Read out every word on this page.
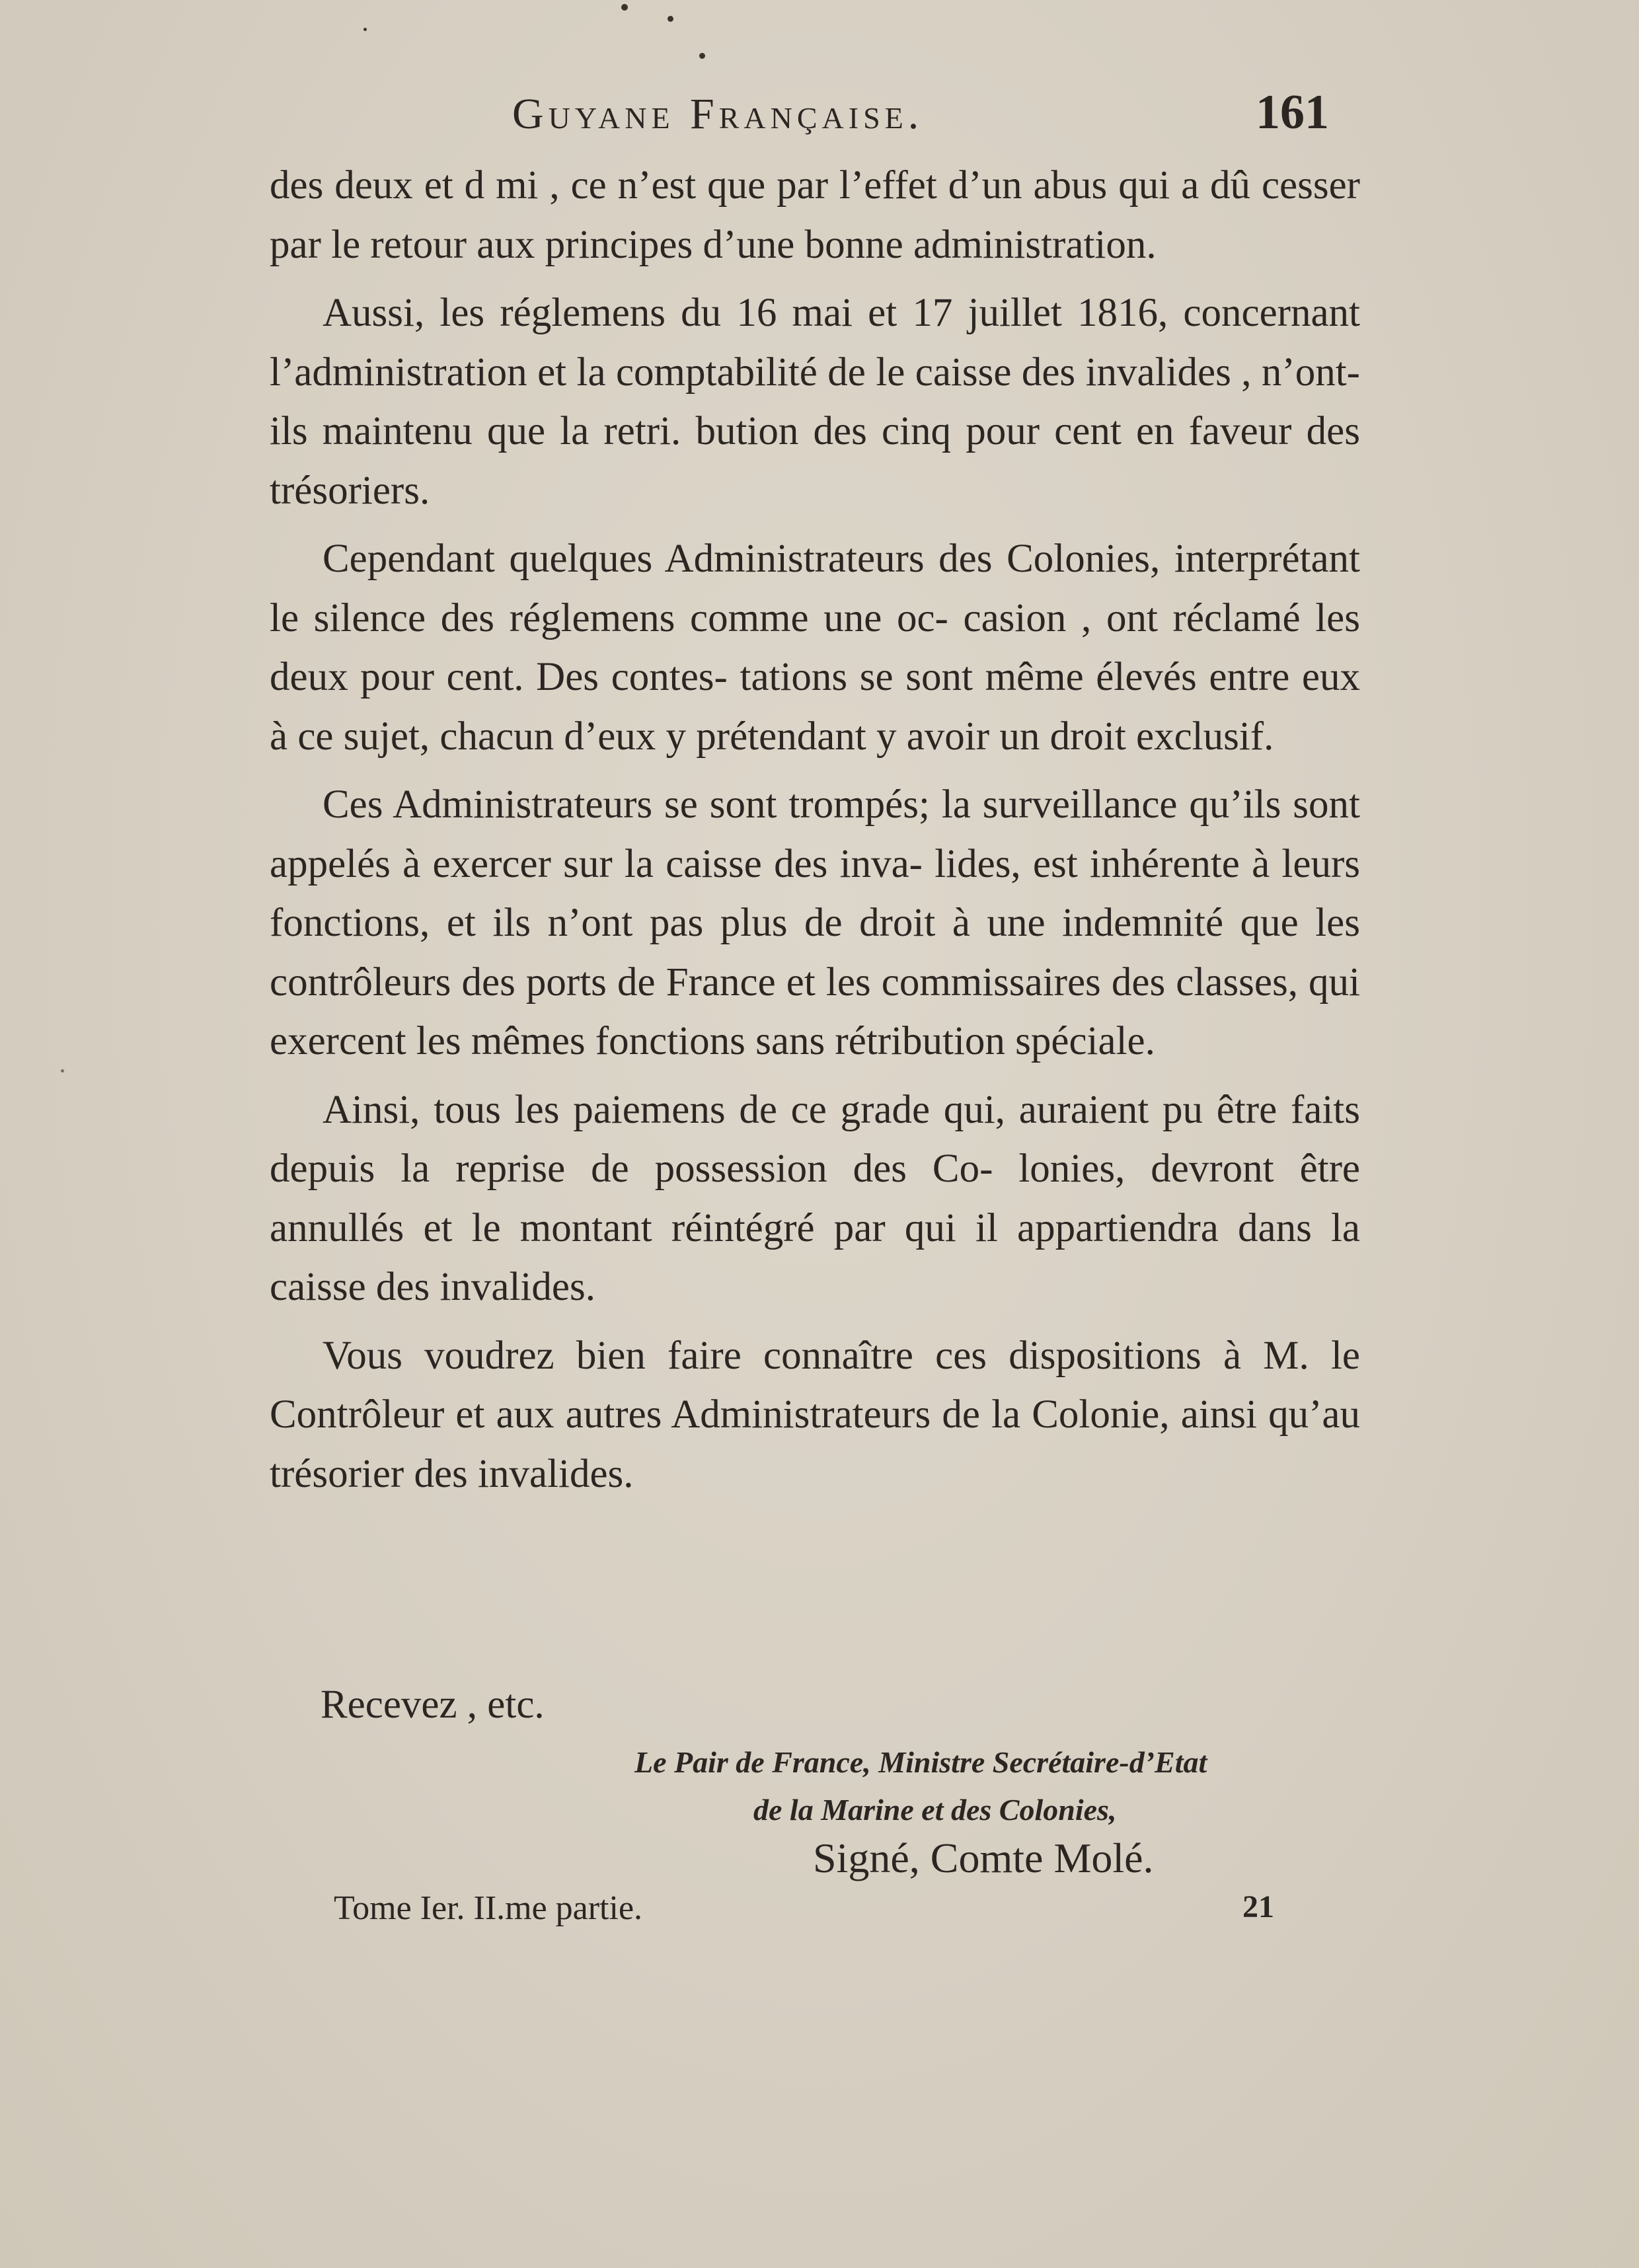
Guyane Française.	161

des deux et d mi , ce n’est que par l’effet d’un abus qui a dû cesser par le retour aux principes d’une bonne administration.

Aussi, les réglemens du 16 mai et 17 juillet 1816, concernant l’administration et la comptabilité de le caisse des invalides , n’ont-ils maintenu que la retri. bution des cinq pour cent en faveur des trésoriers.

Cependant quelques Administrateurs des Colonies, interprétant le silence des réglemens comme une oc- casion , ont réclamé les deux pour cent. Des contes- tations se sont même élevés entre eux à ce sujet, chacun d’eux y prétendant y avoir un droit exclusif.

Ces Administrateurs se sont trompés; la surveillance qu’ils sont appelés à exercer sur la caisse des inva- lides, est inhérente à leurs fonctions, et ils n’ont pas plus de droit à une indemnité que les contrôleurs des ports de France et les commissaires des classes, qui exercent les mêmes fonctions sans rétribution spéciale.

Ainsi, tous les paiemens de ce grade qui, auraient pu être faits depuis la reprise de possession des Co- lonies, devront être annullés et le montant réintégré par qui il appartiendra dans la caisse des invalides.

Vous voudrez bien faire connaître ces dispositions à M. le Contrôleur et aux autres Administrateurs de la Colonie, ainsi qu’au trésorier des invalides.

Recevez , etc.
Le Pair de France, Ministre Secrétaire-d’Etat
de la Marine et des Colonies,
Signé, Comte Molé.
Tome Ier. II.me partie.	21
